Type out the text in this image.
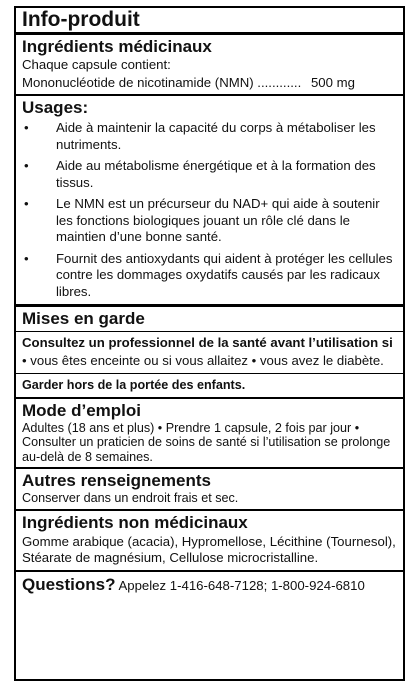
Info-produit
Ingrédients médicinaux
Chaque capsule contient:
Mononucléotide de nicotinamide (NMN) ............ 500 mg
Usages:
•	Aide à maintenir la capacité du corps à métaboliser les nutriments.
•	Aide au métabolisme énergétique et à la formation des tissus.
•	Le NMN est un précurseur du NAD+ qui aide à soutenir les fonctions biologiques jouant un rôle clé dans le maintien d’une bonne santé.
•	Fournit des antioxydants qui aident à protéger les cellules contre les dommages oxydatifs causés par les radicaux libres.
Mises en garde
Consultez un professionnel de la santé avant l’utilisation si • vous êtes enceinte ou si vous allaitez • vous avez le diabète.
Garder hors de la portée des enfants.
Mode d’emploi
Adultes (18 ans et plus) • Prendre 1 capsule, 2 fois par jour • Consulter un praticien de soins de santé si l’utilisation se prolonge au-delà de 8 semaines.
Autres renseignements
Conserver dans un endroit frais et sec.
Ingrédients non médicinaux
Gomme arabique (acacia), Hypromellose, Lécithine (Tournesol), Stéarate de magnésium, Cellulose microcristalline.
Questions? Appelez 1-416-648-7128; 1-800-924-6810
